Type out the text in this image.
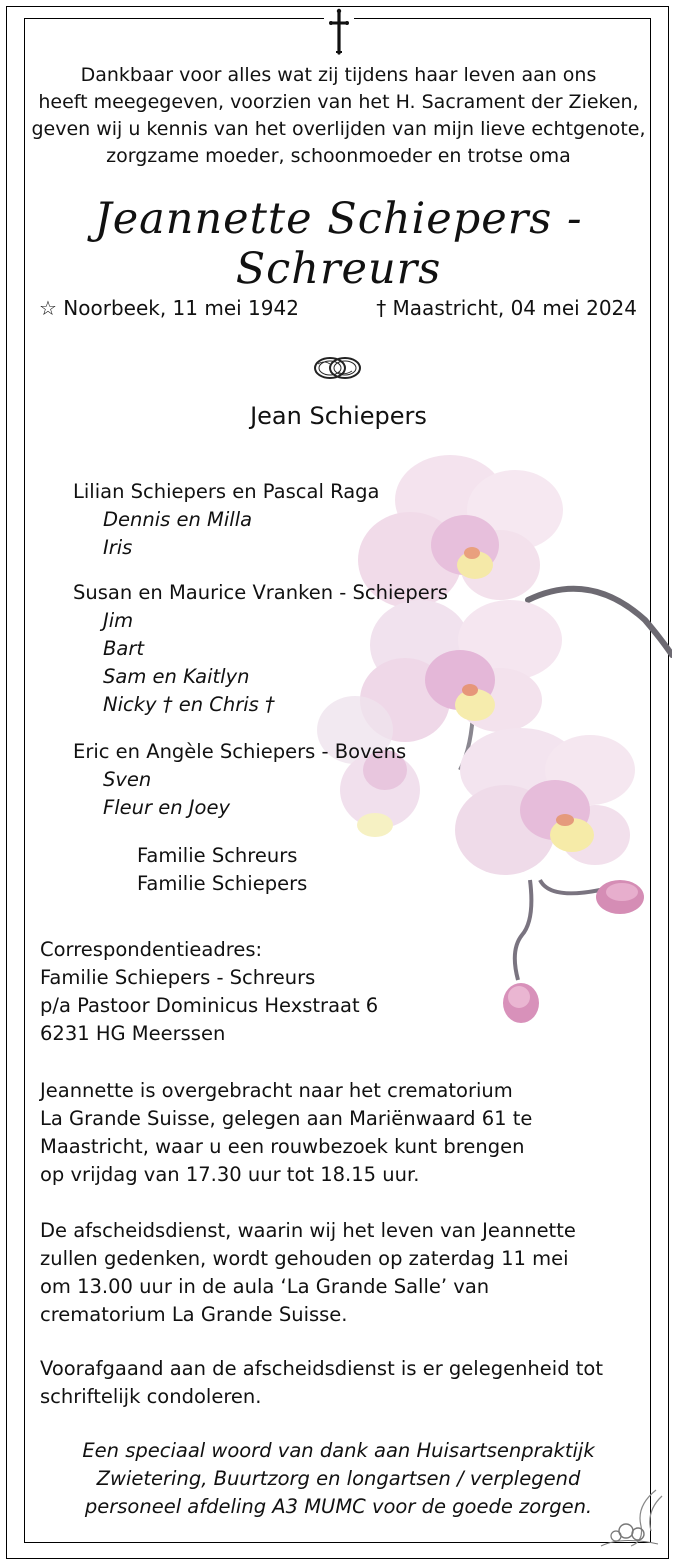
Dankbaar voor alles wat zij tijdens haar leven aan ons
heeft meegegeven, voorzien van het H. Sacrament der Zieken,
geven wij u kennis van het overlijden van mijn lieve echtgenote,
zorgzame moeder, schoonmoeder en trotse oma
Jeannette Schiepers - Schreurs
☆ Noorbeek, 11 mei 1942	† Maastricht, 04 mei 2024
Jean Schiepers
Lilian Schiepers en Pascal Raga
Dennis en Milla
Iris
Susan en Maurice Vranken - Schiepers
Jim
Bart
Sam en Kaitlyn
Nicky † en Chris †
Eric en Angèle Schiepers - Bovens
Sven
Fleur en Joey
Familie Schreurs
Familie Schiepers
Correspondentieadres:
Familie Schiepers - Schreurs
p/a Pastoor Dominicus Hexstraat 6
6231 HG Meerssen
Jeannette is overgebracht naar het crematorium
La Grande Suisse, gelegen aan Mariënwaard 61 te
Maastricht, waar u een rouwbezoek kunt brengen
op vrijdag van 17.30 uur tot 18.15 uur.
De afscheidsdienst, waarin wij het leven van Jeannette
zullen gedenken, wordt gehouden op zaterdag 11 mei
om 13.00 uur in de aula ‘La Grande Salle’ van
crematorium La Grande Suisse.
Voorafgaand aan de afscheidsdienst is er gelegenheid tot
schriftelijk condoleren.
Een speciaal woord van dank aan Huisartsenpraktijk
Zwietering, Buurtzorg en longartsen / verplegend
personeel afdeling A3 MUMC voor de goede zorgen.
